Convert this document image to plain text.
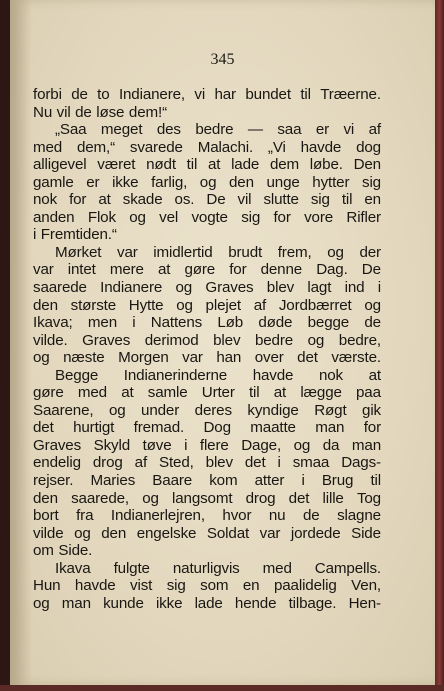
345
forbi de to Indianere, vi har bundet til Træerne.
Nu vil de løse dem!“
„Saa meget des bedre — saa er vi af
med dem,“ svarede Malachi. „Vi havde dog
alligevel været nødt til at lade dem løbe. Den
gamle er ikke farlig, og den unge hytter sig
nok for at skade os. De vil slutte sig til en
anden Flok og vel vogte sig for vore Rifler
i Fremtiden.“
Mørket var imidlertid brudt frem, og der
var intet mere at gøre for denne Dag. De
saarede Indianere og Graves blev lagt ind i
den største Hytte og plejet af Jordbærret og
Ikava; men i Nattens Løb døde begge de
vilde. Graves derimod blev bedre og bedre,
og næste Morgen var han over det værste.
Begge Indianerinderne havde nok at
gøre med at samle Urter til at lægge paa
Saarene, og under deres kyndige Røgt gik
det hurtigt fremad. Dog maatte man for
Graves Skyld tøve i flere Dage, og da man
endelig drog af Sted, blev det i smaa Dags-
rejser. Maries Baare kom atter i Brug til
den saarede, og langsomt drog det lille Tog
bort fra Indianerlejren, hvor nu de slagne
vilde og den engelske Soldat var jordede Side
om Side.
Ikava fulgte naturligvis med Campells.
Hun havde vist sig som en paalidelig Ven,
og man kunde ikke lade hende tilbage. Hen-
